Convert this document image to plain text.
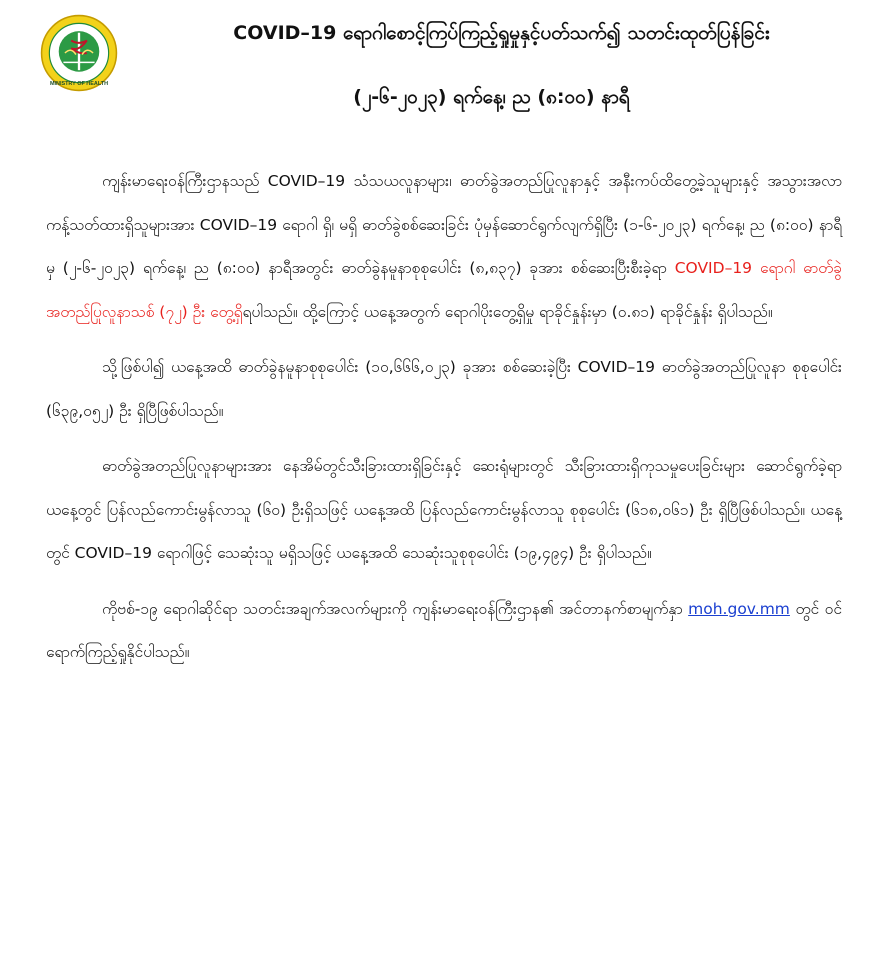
MINISTRY OF HEALTH
COVID–19 ရောဂါစောင့်ကြပ်ကြည့်ရှုမှုနှင့်ပတ်သက်၍ သတင်းထုတ်ပြန်ခြင်း
(၂-၆-၂၀၂၃) ရက်နေ့၊ ည (၈:၀၀) နာရီ

ကျန်းမာရေးဝန်ကြီးဌာနသည် COVID–19 သံသယလူနာများ၊ ဓာတ်ခွဲအတည်ပြုလူနာနှင့် အနီးကပ်ထိတွေ့ခဲ့သူများနှင့် အသွားအလာကန့်သတ်ထားရှိသူများအား COVID–19 ရောဂါ ရှိ၊ မရှိ ဓာတ်ခွဲစစ်ဆေးခြင်း ပုံမှန်ဆောင်ရွက်လျက်ရှိပြီး (၁-၆-၂၀၂၃) ရက်နေ့၊ ည (၈:၀၀) နာရီမှ (၂-၆-၂၀၂၃) ရက်နေ့၊ ည (၈:၀၀) နာရီအတွင်း ဓာတ်ခွဲနမူနာစုစုပေါင်း (၈,၈၃၇) ခုအား စစ်ဆေးပြီးစီးခဲ့ရာ COVID–19 ရောဂါ ဓာတ်ခွဲအတည်ပြုလူနာသစ် (၇၂) ဦး တွေ့ရှိရပါသည်။ ထို့ကြောင့် ယနေ့အတွက် ရောဂါပိုးတွေ့ရှိမှု ရာခိုင်နှုန်းမှာ (၀.၈၁) ရာခိုင်နှုန်း ရှိပါသည်။

သို့ဖြစ်ပါ၍ ယနေ့အထိ ဓာတ်ခွဲနမူနာစုစုပေါင်း (၁၀,၆၆၆,၀၂၃) ခုအား စစ်ဆေးခဲ့ပြီး COVID–19 ဓာတ်ခွဲအတည်ပြုလူနာ စုစုပေါင်း (၆၃၉,၀၅၂) ဦး ရှိပြီဖြစ်ပါသည်။

ဓာတ်ခွဲအတည်ပြုလူနာများအား နေအိမ်တွင်သီးခြားထားရှိခြင်းနှင့် ဆေးရုံများတွင် သီးခြားထားရှိကုသမှုပေးခြင်းများ ဆောင်ရွက်ခဲ့ရာ ယနေ့တွင် ပြန်လည်ကောင်းမွန်လာသူ (၆၀) ဦးရှိသဖြင့် ယနေ့အထိ ပြန်လည်ကောင်းမွန်လာသူ စုစုပေါင်း (၆၁၈,၀၆၁) ဦး ရှိပြီဖြစ်ပါသည်။ ယနေ့တွင် COVID–19 ရောဂါဖြင့် သေဆုံးသူ မရှိသဖြင့် ယနေ့အထိ သေဆုံးသူစုစုပေါင်း (၁၉,၄၉၄) ဦး ရှိပါသည်။

ကိုဗစ်-၁၉ ရောဂါဆိုင်ရာ သတင်းအချက်အလက်များကို ကျန်းမာရေးဝန်ကြီးဌာန၏ အင်တာနက်စာမျက်နှာ moh.gov.mm တွင် ဝင်ရောက်ကြည့်ရှုနိုင်ပါသည်။
